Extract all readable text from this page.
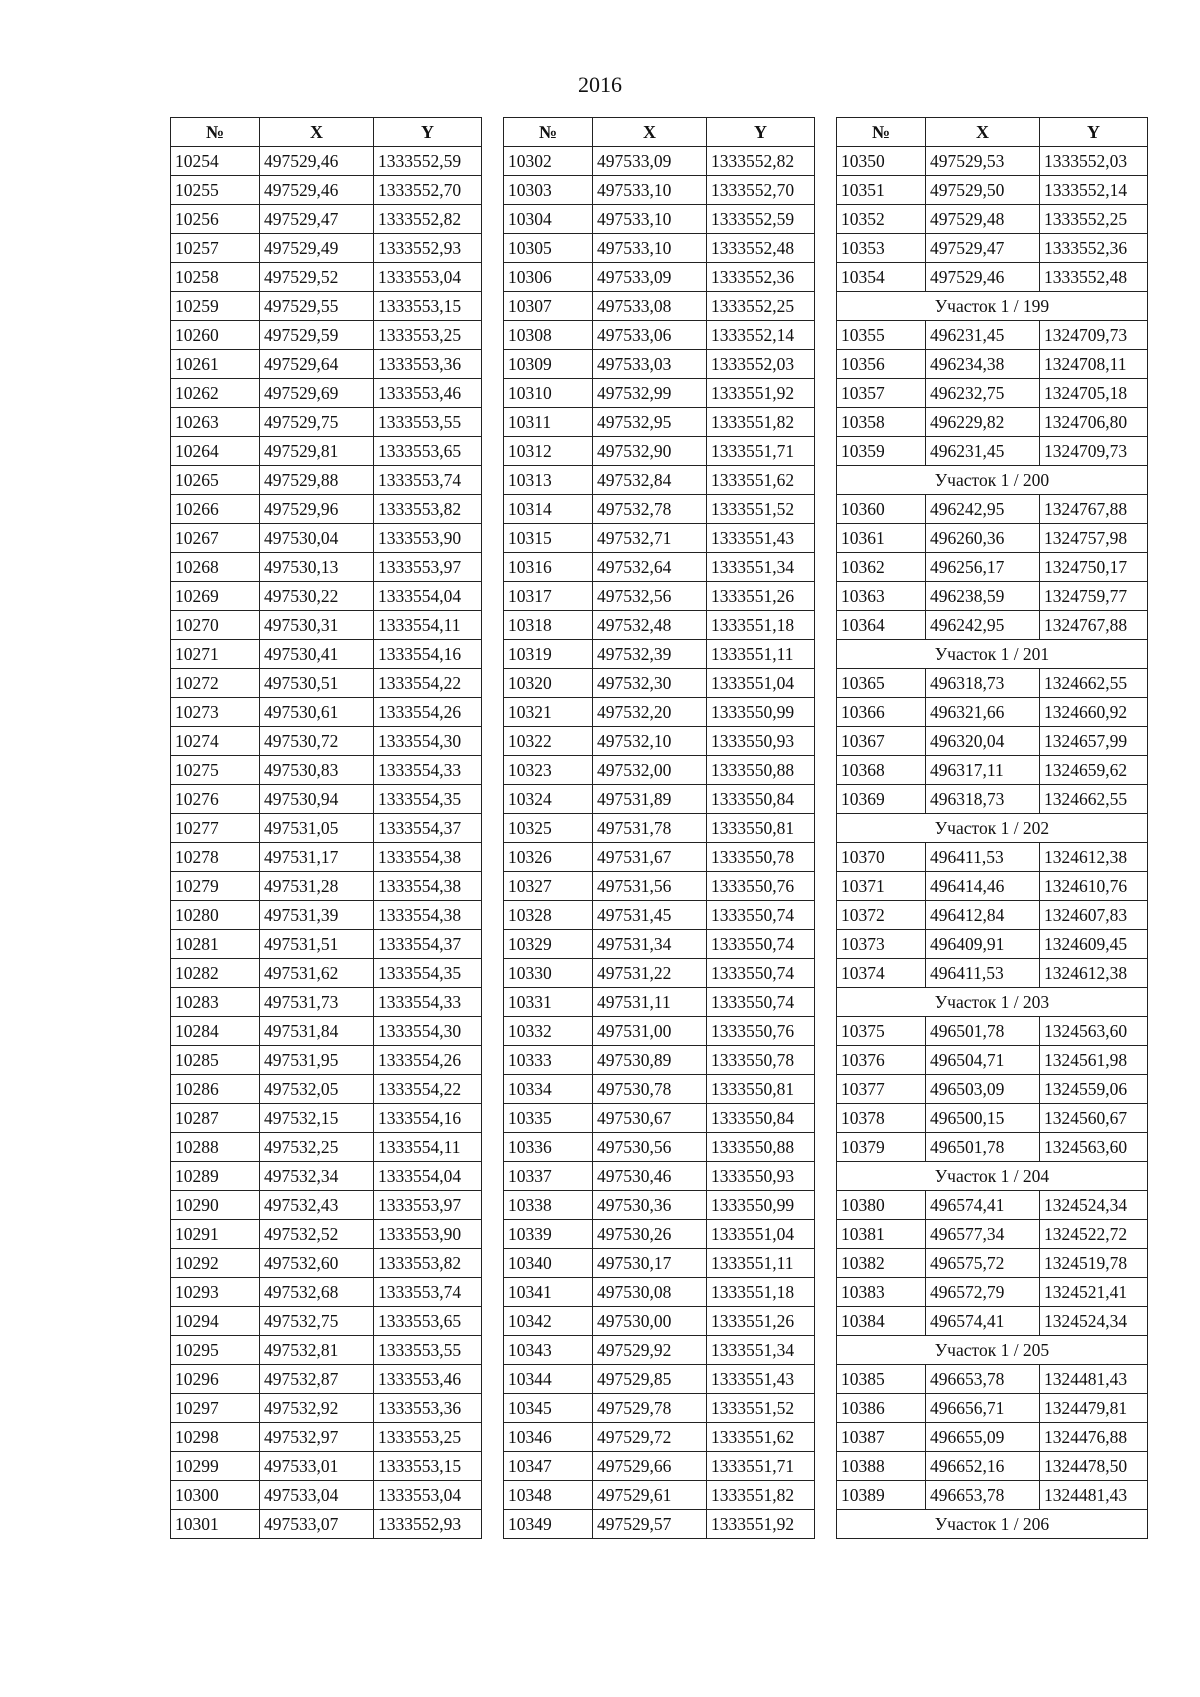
2016
№	X	Y
10254	497529,46	1333552,59
10255	497529,46	1333552,70
10256	497529,47	1333552,82
10257	497529,49	1333552,93
10258	497529,52	1333553,04
10259	497529,55	1333553,15
10260	497529,59	1333553,25
10261	497529,64	1333553,36
10262	497529,69	1333553,46
10263	497529,75	1333553,55
10264	497529,81	1333553,65
10265	497529,88	1333553,74
10266	497529,96	1333553,82
10267	497530,04	1333553,90
10268	497530,13	1333553,97
10269	497530,22	1333554,04
10270	497530,31	1333554,11
10271	497530,41	1333554,16
10272	497530,51	1333554,22
10273	497530,61	1333554,26
10274	497530,72	1333554,30
10275	497530,83	1333554,33
10276	497530,94	1333554,35
10277	497531,05	1333554,37
10278	497531,17	1333554,38
10279	497531,28	1333554,38
10280	497531,39	1333554,38
10281	497531,51	1333554,37
10282	497531,62	1333554,35
10283	497531,73	1333554,33
10284	497531,84	1333554,30
10285	497531,95	1333554,26
10286	497532,05	1333554,22
10287	497532,15	1333554,16
10288	497532,25	1333554,11
10289	497532,34	1333554,04
10290	497532,43	1333553,97
10291	497532,52	1333553,90
10292	497532,60	1333553,82
10293	497532,68	1333553,74
10294	497532,75	1333553,65
10295	497532,81	1333553,55
10296	497532,87	1333553,46
10297	497532,92	1333553,36
10298	497532,97	1333553,25
10299	497533,01	1333553,15
10300	497533,04	1333553,04
10301	497533,07	1333552,93
№	X	Y
10302	497533,09	1333552,82
10303	497533,10	1333552,70
10304	497533,10	1333552,59
10305	497533,10	1333552,48
10306	497533,09	1333552,36
10307	497533,08	1333552,25
10308	497533,06	1333552,14
10309	497533,03	1333552,03
10310	497532,99	1333551,92
10311	497532,95	1333551,82
10312	497532,90	1333551,71
10313	497532,84	1333551,62
10314	497532,78	1333551,52
10315	497532,71	1333551,43
10316	497532,64	1333551,34
10317	497532,56	1333551,26
10318	497532,48	1333551,18
10319	497532,39	1333551,11
10320	497532,30	1333551,04
10321	497532,20	1333550,99
10322	497532,10	1333550,93
10323	497532,00	1333550,88
10324	497531,89	1333550,84
10325	497531,78	1333550,81
10326	497531,67	1333550,78
10327	497531,56	1333550,76
10328	497531,45	1333550,74
10329	497531,34	1333550,74
10330	497531,22	1333550,74
10331	497531,11	1333550,74
10332	497531,00	1333550,76
10333	497530,89	1333550,78
10334	497530,78	1333550,81
10335	497530,67	1333550,84
10336	497530,56	1333550,88
10337	497530,46	1333550,93
10338	497530,36	1333550,99
10339	497530,26	1333551,04
10340	497530,17	1333551,11
10341	497530,08	1333551,18
10342	497530,00	1333551,26
10343	497529,92	1333551,34
10344	497529,85	1333551,43
10345	497529,78	1333551,52
10346	497529,72	1333551,62
10347	497529,66	1333551,71
10348	497529,61	1333551,82
10349	497529,57	1333551,92
№	X	Y
10350	497529,53	1333552,03
10351	497529,50	1333552,14
10352	497529,48	1333552,25
10353	497529,47	1333552,36
10354	497529,46	1333552,48
Участок 1 / 199		
10355	496231,45	1324709,73
10356	496234,38	1324708,11
10357	496232,75	1324705,18
10358	496229,82	1324706,80
10359	496231,45	1324709,73
Участок 1 / 200		
10360	496242,95	1324767,88
10361	496260,36	1324757,98
10362	496256,17	1324750,17
10363	496238,59	1324759,77
10364	496242,95	1324767,88
Участок 1 / 201		
10365	496318,73	1324662,55
10366	496321,66	1324660,92
10367	496320,04	1324657,99
10368	496317,11	1324659,62
10369	496318,73	1324662,55
Участок 1 / 202		
10370	496411,53	1324612,38
10371	496414,46	1324610,76
10372	496412,84	1324607,83
10373	496409,91	1324609,45
10374	496411,53	1324612,38
Участок 1 / 203		
10375	496501,78	1324563,60
10376	496504,71	1324561,98
10377	496503,09	1324559,06
10378	496500,15	1324560,67
10379	496501,78	1324563,60
Участок 1 / 204		
10380	496574,41	1324524,34
10381	496577,34	1324522,72
10382	496575,72	1324519,78
10383	496572,79	1324521,41
10384	496574,41	1324524,34
Участок 1 / 205		
10385	496653,78	1324481,43
10386	496656,71	1324479,81
10387	496655,09	1324476,88
10388	496652,16	1324478,50
10389	496653,78	1324481,43
Участок 1 / 206		
